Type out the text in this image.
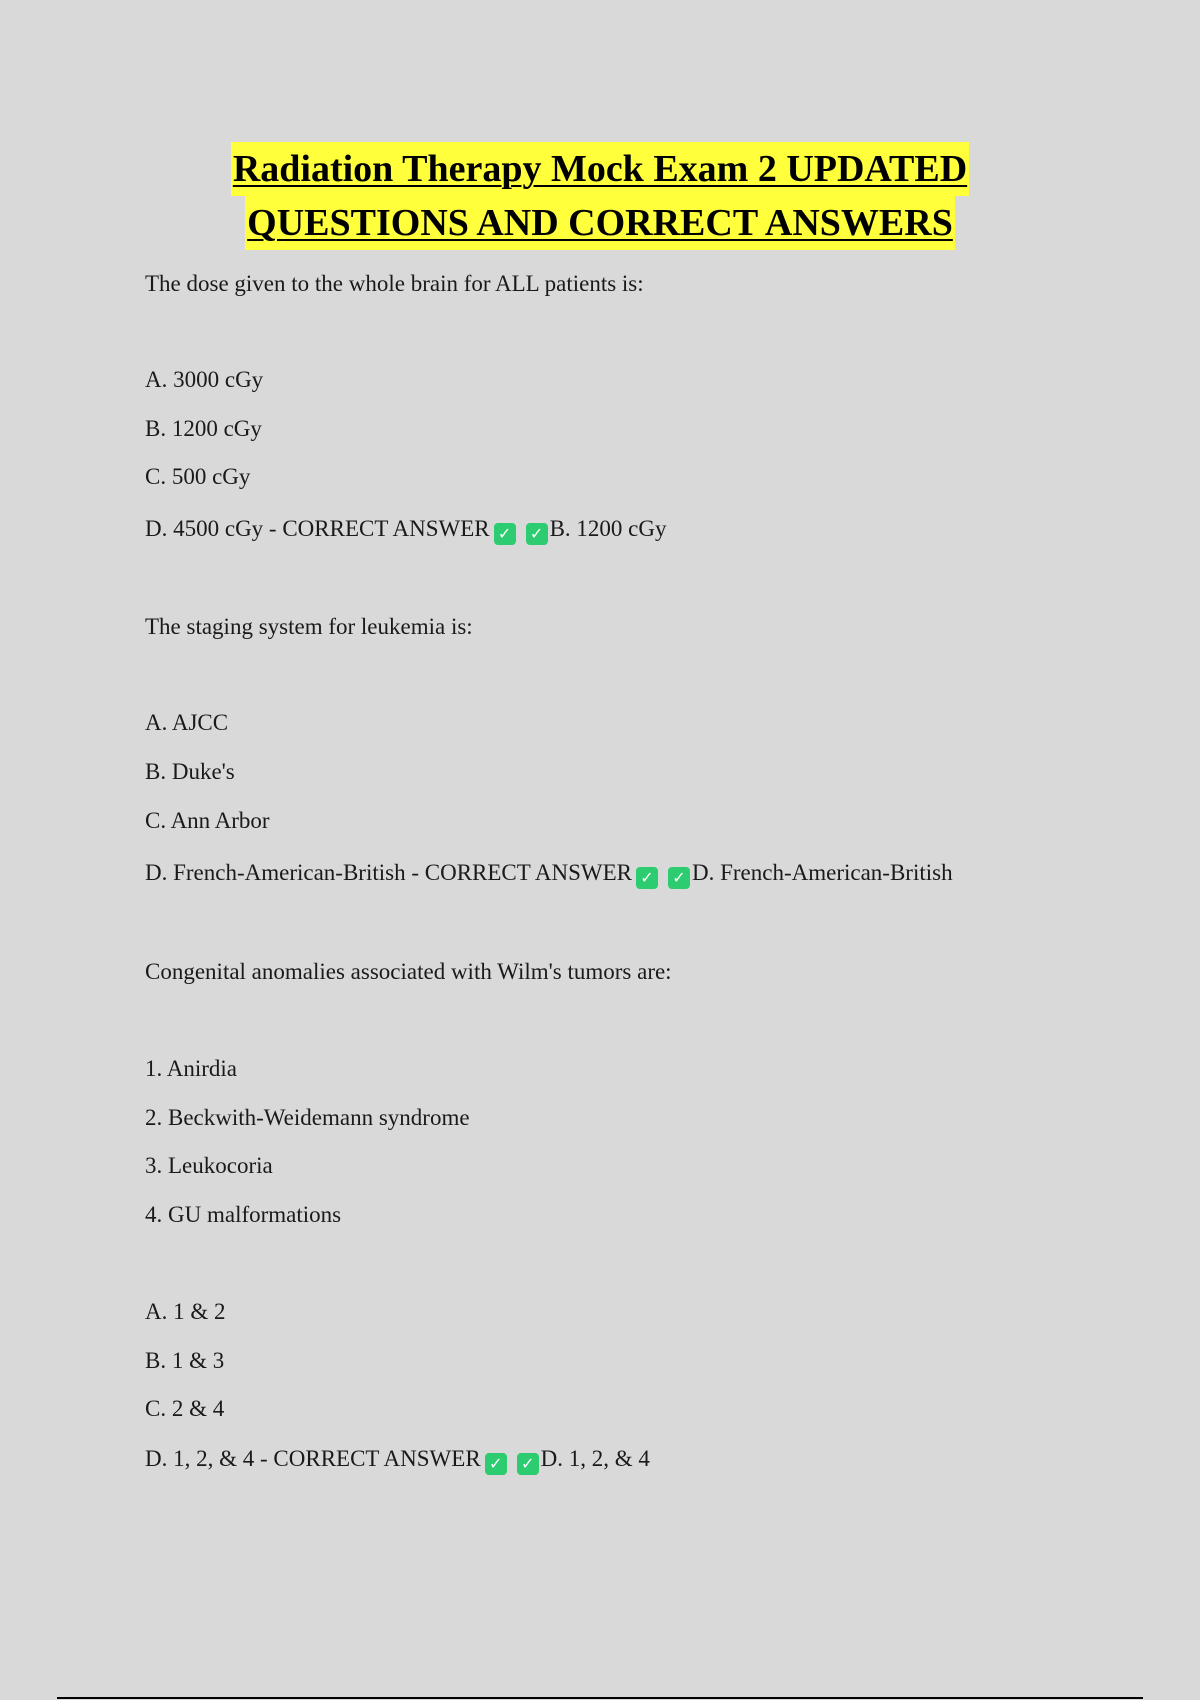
Radiation Therapy Mock Exam 2 UPDATED
QUESTIONS AND CORRECT ANSWERS
The dose given to the whole brain for ALL patients is:
A. 3000 cGy
B. 1200 cGy
C. 500 cGy
D. 4500 cGy - CORRECT ANSWER ✓ ✓ B. 1200 cGy
The staging system for leukemia is:
A. AJCC
B. Duke's
C. Ann Arbor
D. French-American-British - CORRECT ANSWER ✓ ✓ D. French-American-British
Congenital anomalies associated with Wilm's tumors are:
1. Anirdia
2. Beckwith-Weidemann syndrome
3. Leukocoria
4. GU malformations
A. 1 & 2
B. 1 & 3
C. 2 & 4
D. 1, 2, & 4 - CORRECT ANSWER ✓ ✓ D. 1, 2, & 4
